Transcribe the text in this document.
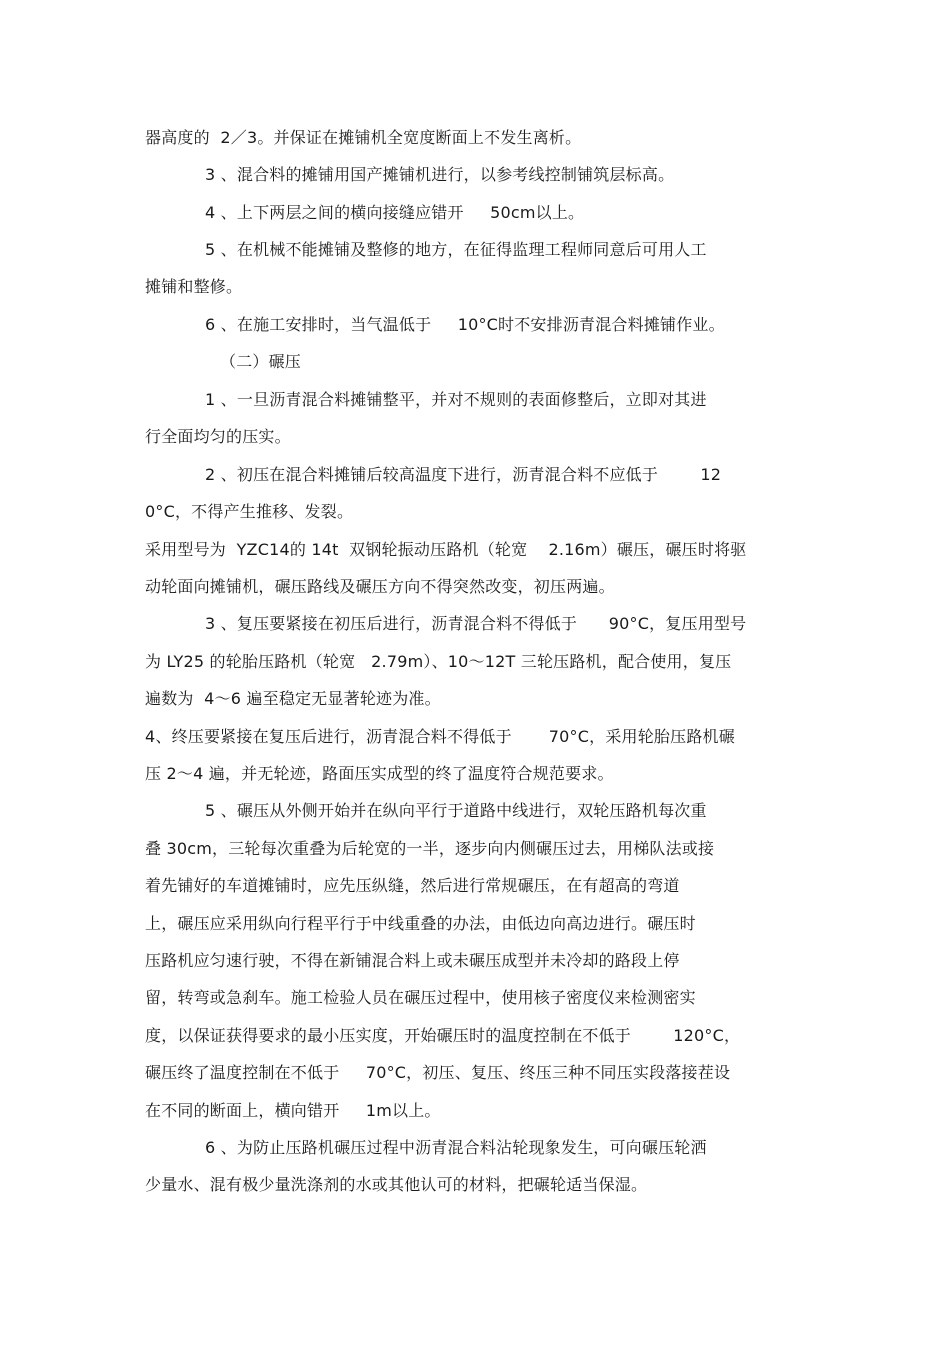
器高度的  2／3。并保证在摊铺机全宽度断面上不发生离析。
3 、混合料的摊铺用国产摊铺机进行，以参考线控制铺筑层标高。
4 、上下两层之间的横向接缝应错开     50cm以上。
5 、在机械不能摊铺及整修的地方，在征得监理工程师同意后可用人工
摊铺和整修。
6 、在施工安排时，当气温低于     10°C时不安排沥青混合料摊铺作业。
（二）碾压
1 、一旦沥青混合料摊铺整平，并对不规则的表面修整后，立即对其进
行全面均匀的压实。
2 、初压在混合料摊铺后较高温度下进行，沥青混合料不应低于        12
0°C，不得产生推移、发裂。
采用型号为  YZC14的 14t  双钢轮振动压路机（轮宽    2.16m）碾压，碾压时将驱
动轮面向摊铺机，碾压路线及碾压方向不得突然改变，初压两遍。
3 、复压要紧接在初压后进行，沥青混合料不得低于      90°C，复压用型号
为 LY25 的轮胎压路机（轮宽   2.79m）、10～12T 三轮压路机，配合使用，复压
遍数为  4～6 遍至稳定无显著轮迹为准。
4、终压要紧接在复压后进行，沥青混合料不得低于       70°C，采用轮胎压路机碾
压 2～4 遍，并无轮迹，路面压实成型的终了温度符合规范要求。
5 、碾压从外侧开始并在纵向平行于道路中线进行，双轮压路机每次重
叠 30cm，三轮每次重叠为后轮宽的一半，逐步向内侧碾压过去，用梯队法或接
着先铺好的车道摊铺时，应先压纵缝，然后进行常规碾压，在有超高的弯道
上，碾压应采用纵向行程平行于中线重叠的办法，由低边向高边进行。碾压时
压路机应匀速行驶，不得在新铺混合料上或未碾压成型并未冷却的路段上停
留，转弯或急刹车。施工检验人员在碾压过程中，使用核子密度仪来检测密实
度，以保证获得要求的最小压实度，开始碾压时的温度控制在不低于        120°C，
碾压终了温度控制在不低于     70°C，初压、复压、终压三种不同压实段落接茬设
在不同的断面上，横向错开     1m以上。
6 、为防止压路机碾压过程中沥青混合料沾轮现象发生，可向碾压轮洒
少量水、混有极少量洗涤剂的水或其他认可的材料，把碾轮适当保湿。
